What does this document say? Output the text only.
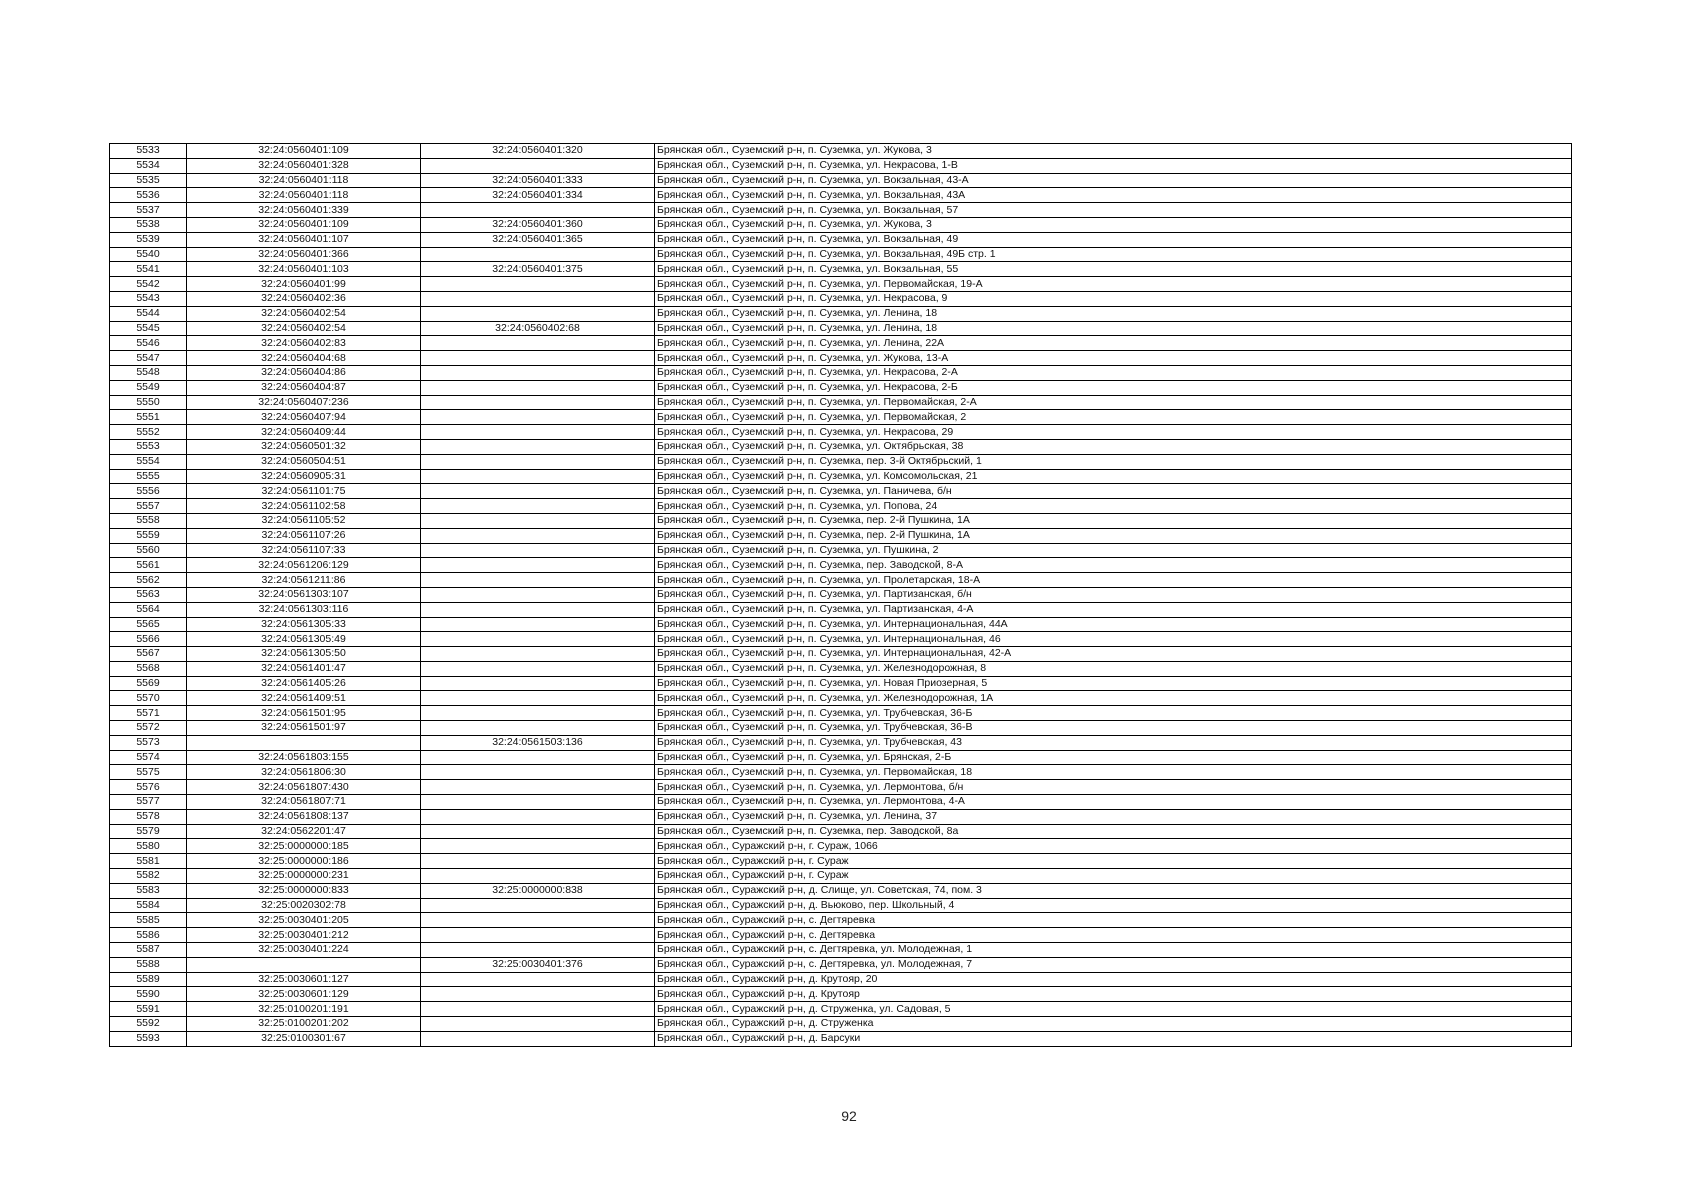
5533	32:24:0560401:109	32:24:0560401:320	Брянская обл., Суземский р-н, п. Суземка, ул. Жукова, 3
5534	32:24:0560401:328		Брянская обл., Суземский р-н, п. Суземка, ул. Некрасова, 1-В
5535	32:24:0560401:118	32:24:0560401:333	Брянская обл., Суземский р-н, п. Суземка, ул. Вокзальная, 43-А
5536	32:24:0560401:118	32:24:0560401:334	Брянская обл., Суземский р-н, п. Суземка, ул. Вокзальная, 43А
5537	32:24:0560401:339		Брянская обл., Суземский р-н, п. Суземка, ул. Вокзальная, 57
5538	32:24:0560401:109	32:24:0560401:360	Брянская обл., Суземский р-н, п. Суземка, ул. Жукова, 3
5539	32:24:0560401:107	32:24:0560401:365	Брянская обл., Суземский р-н, п. Суземка, ул. Вокзальная, 49
5540	32:24:0560401:366		Брянская обл., Суземский р-н, п. Суземка, ул. Вокзальная, 49Б стр. 1
5541	32:24:0560401:103	32:24:0560401:375	Брянская обл., Суземский р-н, п. Суземка, ул. Вокзальная, 55
5542	32:24:0560401:99		Брянская обл., Суземский р-н, п. Суземка, ул. Первомайская, 19-А
5543	32:24:0560402:36		Брянская обл., Суземский р-н, п. Суземка, ул. Некрасова, 9
5544	32:24:0560402:54		Брянская обл., Суземский р-н, п. Суземка, ул. Ленина, 18
5545	32:24:0560402:54	32:24:0560402:68	Брянская обл., Суземский р-н, п. Суземка, ул. Ленина, 18
5546	32:24:0560402:83		Брянская обл., Суземский р-н, п. Суземка, ул. Ленина, 22А
5547	32:24:0560404:68		Брянская обл., Суземский р-н, п. Суземка, ул. Жукова, 13-А
5548	32:24:0560404:86		Брянская обл., Суземский р-н, п. Суземка, ул. Некрасова, 2-А
5549	32:24:0560404:87		Брянская обл., Суземский р-н, п. Суземка, ул. Некрасова, 2-Б
5550	32:24:0560407:236		Брянская обл., Суземский р-н, п. Суземка, ул. Первомайская, 2-А
5551	32:24:0560407:94		Брянская обл., Суземский р-н, п. Суземка, ул. Первомайская, 2
5552	32:24:0560409:44		Брянская обл., Суземский р-н, п. Суземка, ул. Некрасова, 29
5553	32:24:0560501:32		Брянская обл., Суземский р-н, п. Суземка, ул. Октябрьская, 38
5554	32:24:0560504:51		Брянская обл., Суземский р-н, п. Суземка, пер. 3-й Октябрьский, 1
5555	32:24:0560905:31		Брянская обл., Суземский р-н, п. Суземка, ул. Комсомольская, 21
5556	32:24:0561101:75		Брянская обл., Суземский р-н, п. Суземка, ул. Паничева, б/н
5557	32:24:0561102:58		Брянская обл., Суземский р-н, п. Суземка, ул. Попова, 24
5558	32:24:0561105:52		Брянская обл., Суземский р-н, п. Суземка, пер. 2-й Пушкина, 1А
5559	32:24:0561107:26		Брянская обл., Суземский р-н, п. Суземка, пер. 2-й Пушкина, 1А
5560	32:24:0561107:33		Брянская обл., Суземский р-н, п. Суземка, ул. Пушкина, 2
5561	32:24:0561206:129		Брянская обл., Суземский р-н, п. Суземка, пер. Заводской, 8-А
5562	32:24:0561211:86		Брянская обл., Суземский р-н, п. Суземка, ул. Пролетарская, 18-А
5563	32:24:0561303:107		Брянская обл., Суземский р-н, п. Суземка, ул. Партизанская, б/н
5564	32:24:0561303:116		Брянская обл., Суземский р-н, п. Суземка, ул. Партизанская, 4-А
5565	32:24:0561305:33		Брянская обл., Суземский р-н, п. Суземка, ул. Интернациональная, 44А
5566	32:24:0561305:49		Брянская обл., Суземский р-н, п. Суземка, ул. Интернациональная, 46
5567	32:24:0561305:50		Брянская обл., Суземский р-н, п. Суземка, ул. Интернациональная, 42-А
5568	32:24:0561401:47		Брянская обл., Суземский р-н, п. Суземка, ул. Железнодорожная, 8
5569	32:24:0561405:26		Брянская обл., Суземский р-н, п. Суземка, ул. Новая Приозерная, 5
5570	32:24:0561409:51		Брянская обл., Суземский р-н, п. Суземка, ул. Железнодорожная, 1А
5571	32:24:0561501:95		Брянская обл., Суземский р-н, п. Суземка, ул. Трубчевская, 36-Б
5572	32:24:0561501:97		Брянская обл., Суземский р-н, п. Суземка, ул. Трубчевская, 36-В
5573		32:24:0561503:136	Брянская обл., Суземский р-н, п. Суземка, ул. Трубчевская, 43
5574	32:24:0561803:155		Брянская обл., Суземский р-н, п. Суземка, ул. Брянская, 2-Б
5575	32:24:0561806:30		Брянская обл., Суземский р-н, п. Суземка, ул. Первомайская, 18
5576	32:24:0561807:430		Брянская обл., Суземский р-н, п. Суземка, ул. Лермонтова, б/н
5577	32:24:0561807:71		Брянская обл., Суземский р-н, п. Суземка, ул. Лермонтова, 4-А
5578	32:24:0561808:137		Брянская обл., Суземский р-н, п. Суземка, ул. Ленина, 37
5579	32:24:0562201:47		Брянская обл., Суземский р-н, п. Суземка, пер. Заводской, 8а
5580	32:25:0000000:185		Брянская обл., Суражский р-н, г. Сураж, 1066
5581	32:25:0000000:186		Брянская обл., Суражский р-н, г. Сураж
5582	32:25:0000000:231		Брянская обл., Суражский р-н, г. Сураж
5583	32:25:0000000:833	32:25:0000000:838	Брянская обл., Суражский р-н, д. Слище, ул. Советская, 74, пом. 3
5584	32:25:0020302:78		Брянская обл., Суражский р-н, д. Вьюково, пер. Школьный, 4
5585	32:25:0030401:205		Брянская обл., Суражский р-н, с. Дегтяревка
5586	32:25:0030401:212		Брянская обл., Суражский р-н, с. Дегтяревка
5587	32:25:0030401:224		Брянская обл., Суражский р-н, с. Дегтяревка, ул. Молодежная, 1
5588		32:25:0030401:376	Брянская обл., Суражский р-н, с. Дегтяревка, ул. Молодежная, 7
5589	32:25:0030601:127		Брянская обл., Суражский р-н, д. Крутояр, 20
5590	32:25:0030601:129		Брянская обл., Суражский р-н, д. Крутояр
5591	32:25:0100201:191		Брянская обл., Суражский р-н, д. Струженка, ул. Садовая, 5
5592	32:25:0100201:202		Брянская обл., Суражский р-н, д. Струженка
5593	32:25:0100301:67		Брянская обл., Суражский р-н, д. Барсуки
92
